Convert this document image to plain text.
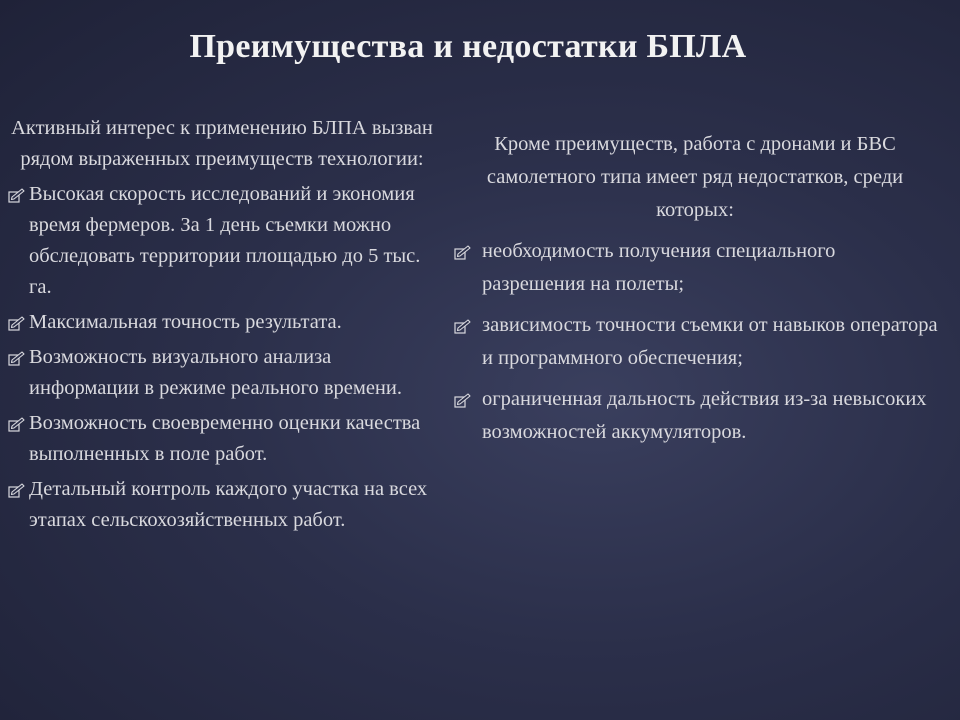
Преимущества и недостатки БПЛА
Активный интерес к применению БЛПА вызван рядом выраженных преимуществ технологии:
Высокая скорость исследований и экономия время фермеров. За 1 день съемки можно обследовать территории площадью до 5 тыс. га.
Максимальная точность результата.
Возможность визуального анализа информации в режиме реального времени.
Возможность своевременно оценки качества выполненных в поле работ.
Детальный контроль каждого участка на всех этапах сельскохозяйственных работ.
Кроме преимуществ, работа с дронами и БВС самолетного типа имеет ряд недостатков, среди которых:
необходимость получения специального разрешения на полеты;
зависимость точности съемки от навыков оператора и программного обеспечения;
ограниченная дальность действия из-за невысоких возможностей аккумуляторов.
